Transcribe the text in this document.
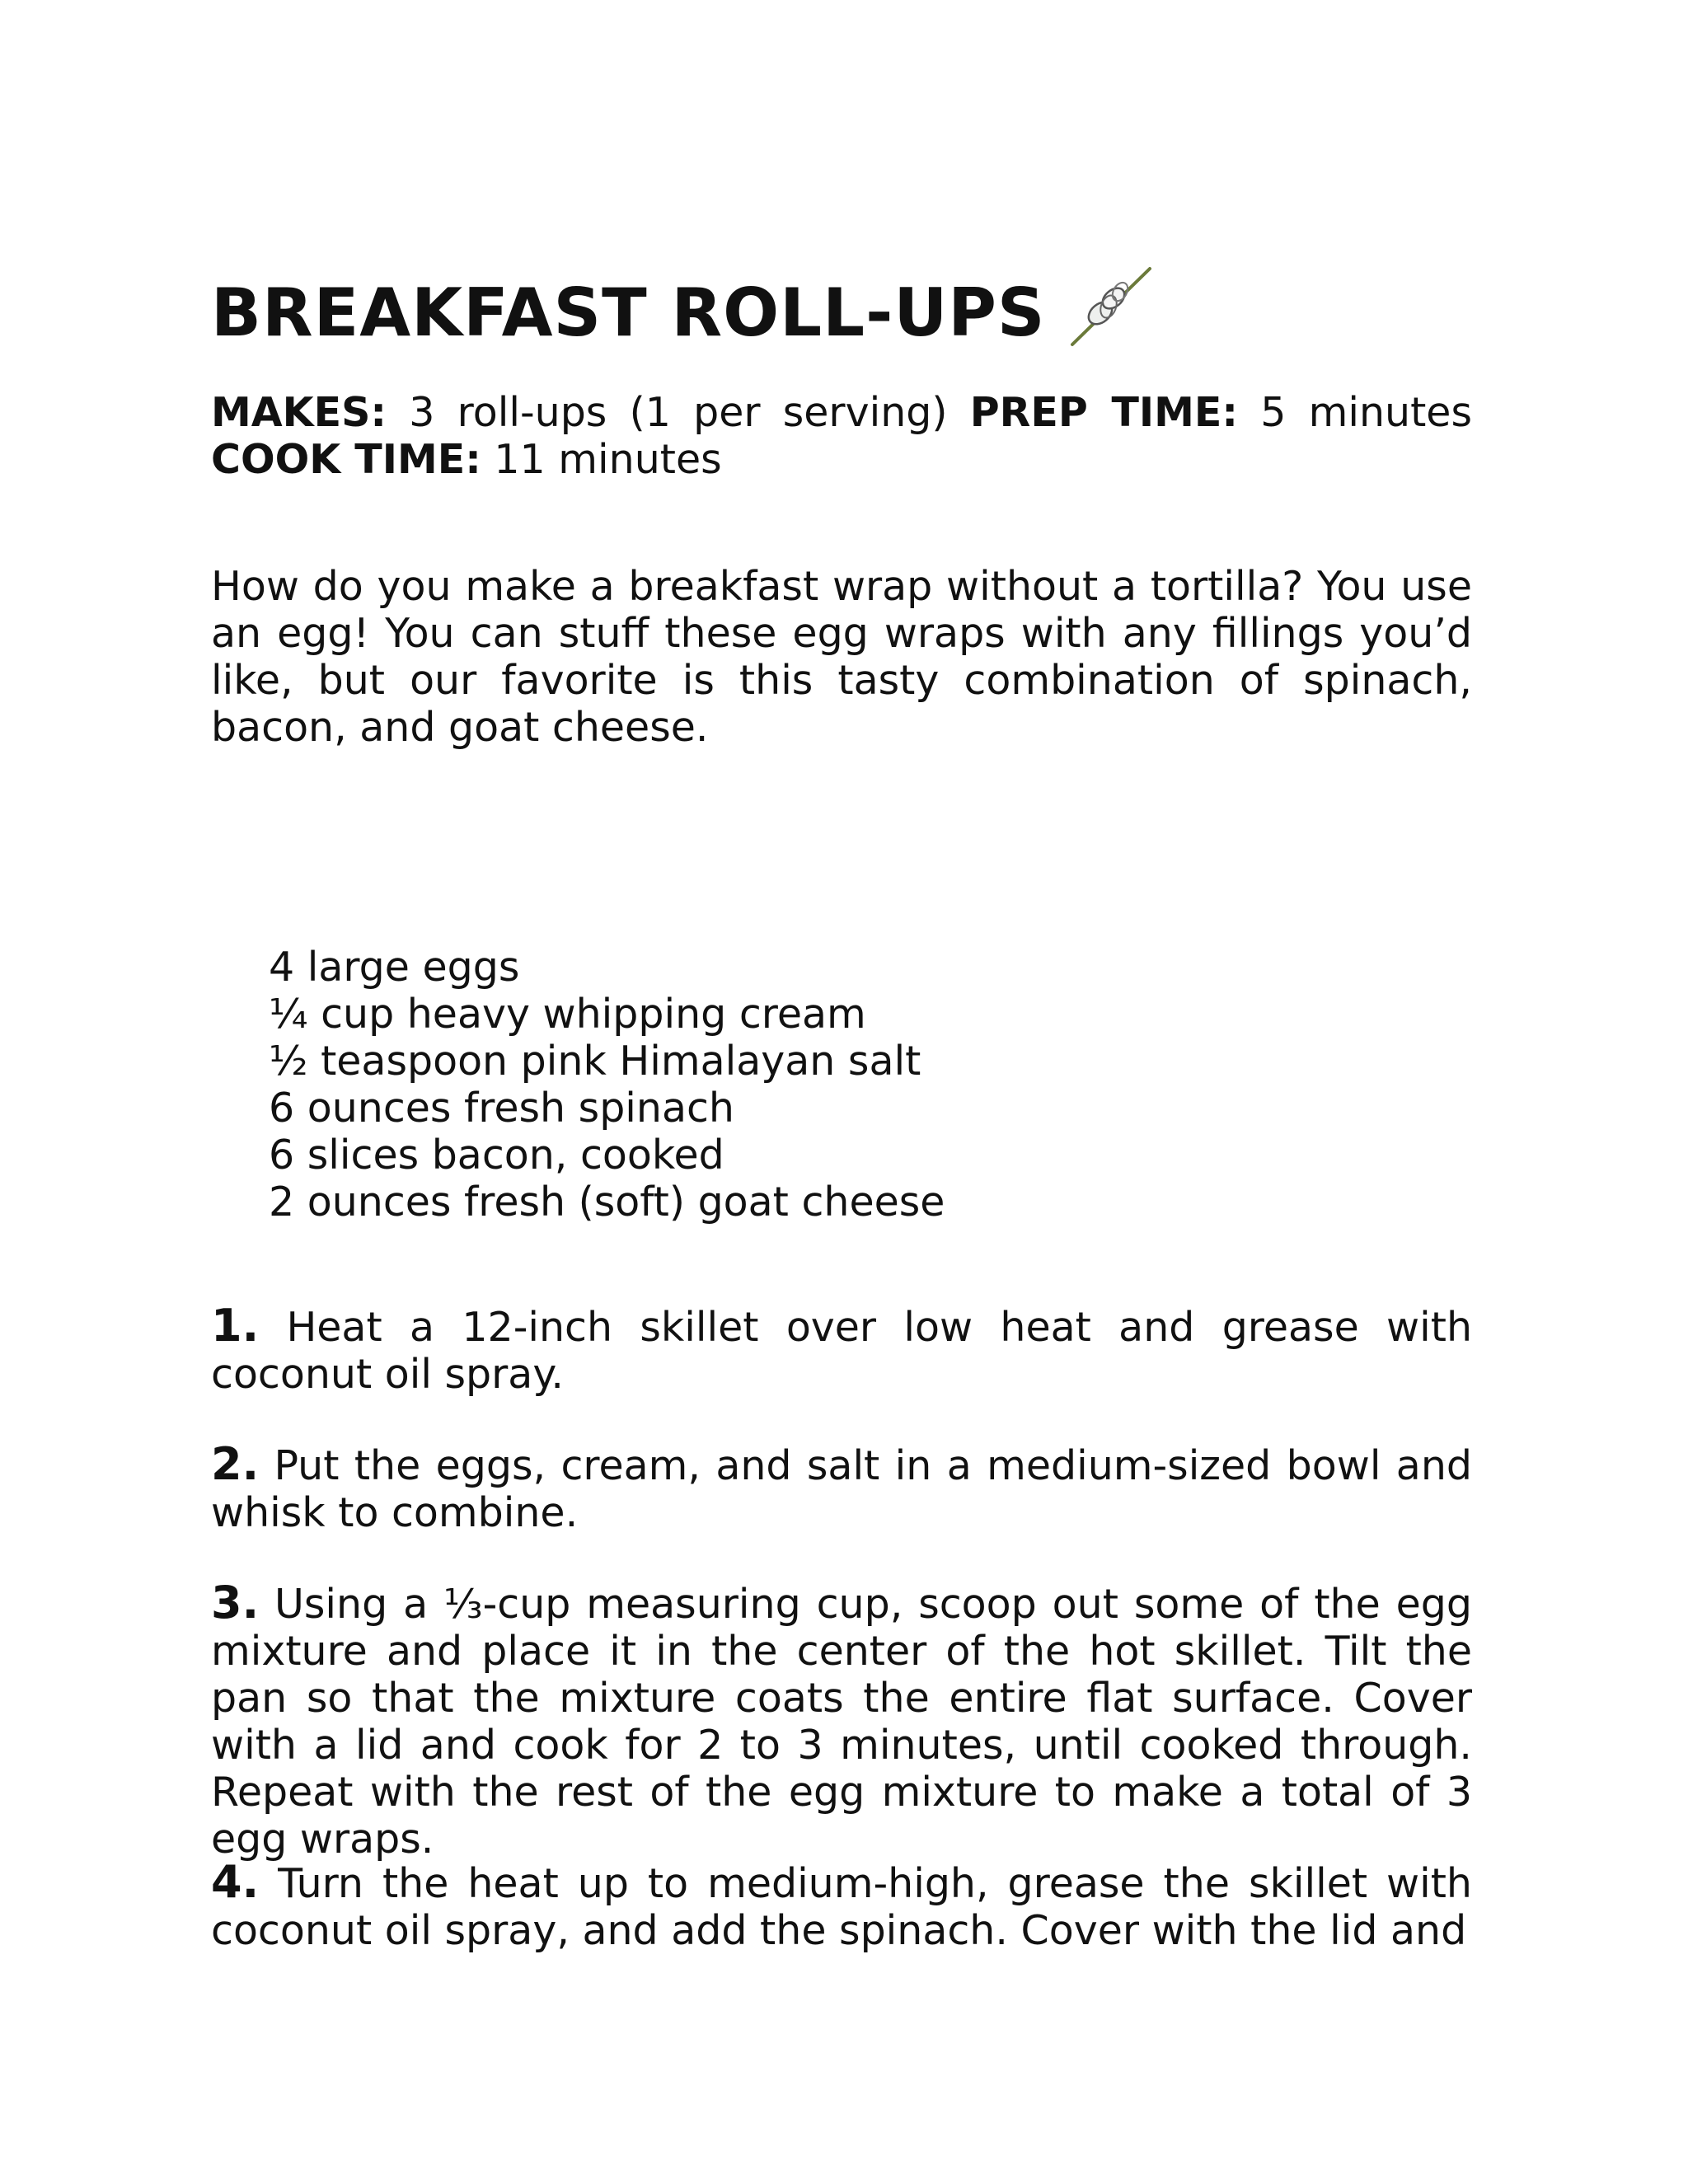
BREAKFAST ROLL-UPS

MAKES: 3 roll-ups (1 per serving) PREP TIME: 5 minutes COOK TIME: 11 minutes

How do you make a breakfast wrap without a tortilla? You use an egg! You can stuff these egg wraps with any fillings you’d like, but our favorite is this tasty combination of spinach, bacon, and goat cheese.

4 large eggs
¼ cup heavy whipping cream
½ teaspoon pink Himalayan salt
6 ounces fresh spinach
6 slices bacon, cooked
2 ounces fresh (soft) goat cheese

1. Heat a 12-inch skillet over low heat and grease with coconut oil spray.

2. Put the eggs, cream, and salt in a medium-sized bowl and whisk to combine.

3. Using a ⅓-cup measuring cup, scoop out some of the egg mixture and place it in the center of the hot skillet. Tilt the pan so that the mixture coats the entire flat surface. Cover with a lid and cook for 2 to 3 minutes, until cooked through. Repeat with the rest of the egg mixture to make a total of 3 egg wraps.

4. Turn the heat up to medium-high, grease the skillet with coconut oil spray, and add the spinach. Cover with the lid and
